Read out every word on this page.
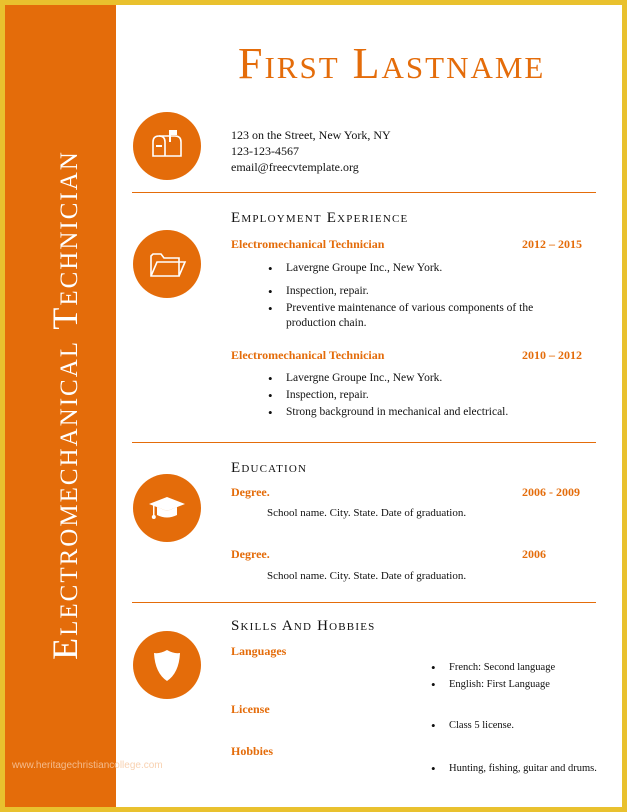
Electromechanical Technician
First Lastname
123 on the Street, New York, NY
123-123-4567
email@freecvtemplate.org
Employment Experience
Electromechanical Technician	2012 – 2015
• Lavergne Groupe Inc., New York.
• Inspection, repair.
• Preventive maintenance of various components of the production chain.
Electromechanical Technician	2010 – 2012
• Lavergne Groupe Inc., New York.
• Inspection, repair.
• Strong background in mechanical and electrical.
Education
Degree.	2006 - 2009
School name. City. State. Date of graduation.
Degree.	2006
School name. City. State. Date of graduation.
Skills And Hobbies
Languages
• French: Second language
• English: First Language
License
• Class 5 license.
Hobbies
• Hunting, fishing, guitar and drums.
www.heritagechristiancollege.com
